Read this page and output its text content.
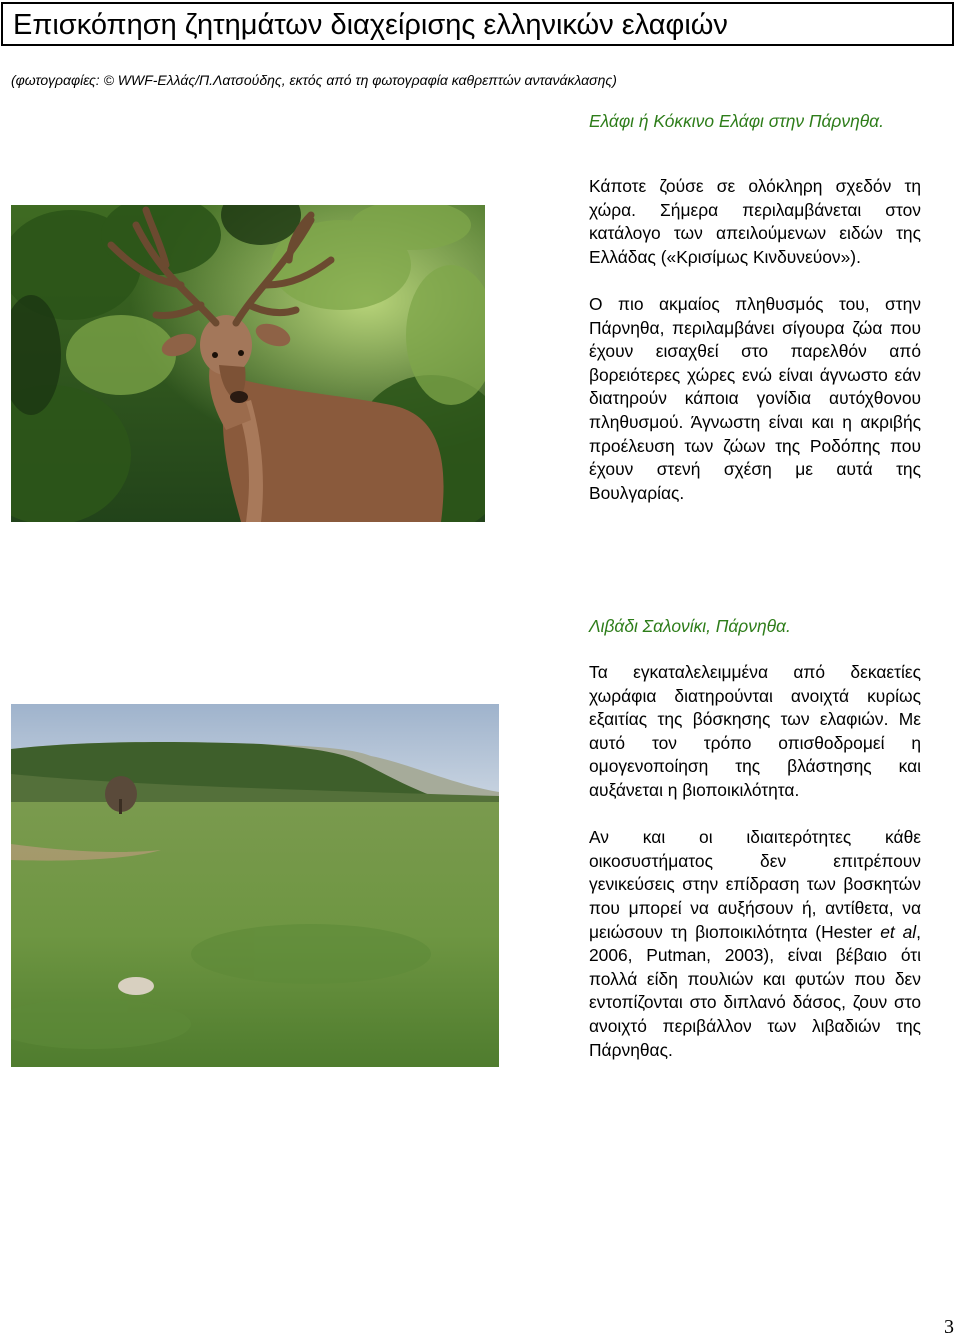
Επισκόπηση ζητημάτων διαχείρισης ελληνικών ελαφιών
(φωτογραφίες: © WWF-Ελλάς/Π.Λατσούδης, εκτός από τη φωτογραφία καθρεπτών αντανάκλασης)
Ελάφι ή Κόκκινο Ελάφι στην Πάρνηθα.

Κάποτε ζούσε σε ολόκληρη σχεδόν τη χώρα. Σήμερα περιλαμβάνεται στον κατάλογο των απειλούμενων ειδών της Ελλάδας («Κρισίμως Κινδυνεύον»).

Ο πιο ακμαίος πληθυσμός του, στην Πάρνηθα, περιλαμβάνει σίγουρα ζώα που έχουν εισαχθεί στο παρελθόν από βορειότερες χώρες ενώ είναι άγνωστο εάν διατηρούν κάποια γονίδια αυτόχθονου πληθυσμού. Άγνωστη είναι και η ακριβής προέλευση των ζώων της Ροδόπης που έχουν στενή σχέση με αυτά της Βουλγαρίας.

Λιβάδι Σαλονίκι, Πάρνηθα.

Τα εγκαταλελειμμένα από δεκαετίες χωράφια διατηρούνται ανοιχτά κυρίως εξαιτίας της βόσκησης των ελαφιών. Με αυτό τον τρόπο οπισθοδρομεί η ομογενοποίηση της βλάστησης και αυξάνεται η βιοποικιλότητα.

Αν και οι ιδιαιτερότητες κάθε οικοσυστήματος δεν επιτρέπουν γενικεύσεις στην επίδραση των βοσκητών που μπορεί να αυξήσουν ή, αντίθετα, να μειώσουν τη βιοποικιλότητα (Hester et al, 2006, Putman, 2003), είναι βέβαιο ότι πολλά είδη πουλιών και φυτών που δεν εντοπίζονται στο διπλανό δάσος, ζουν στο ανοιχτό περιβάλλον των λιβαδιών της Πάρνηθας.

3
